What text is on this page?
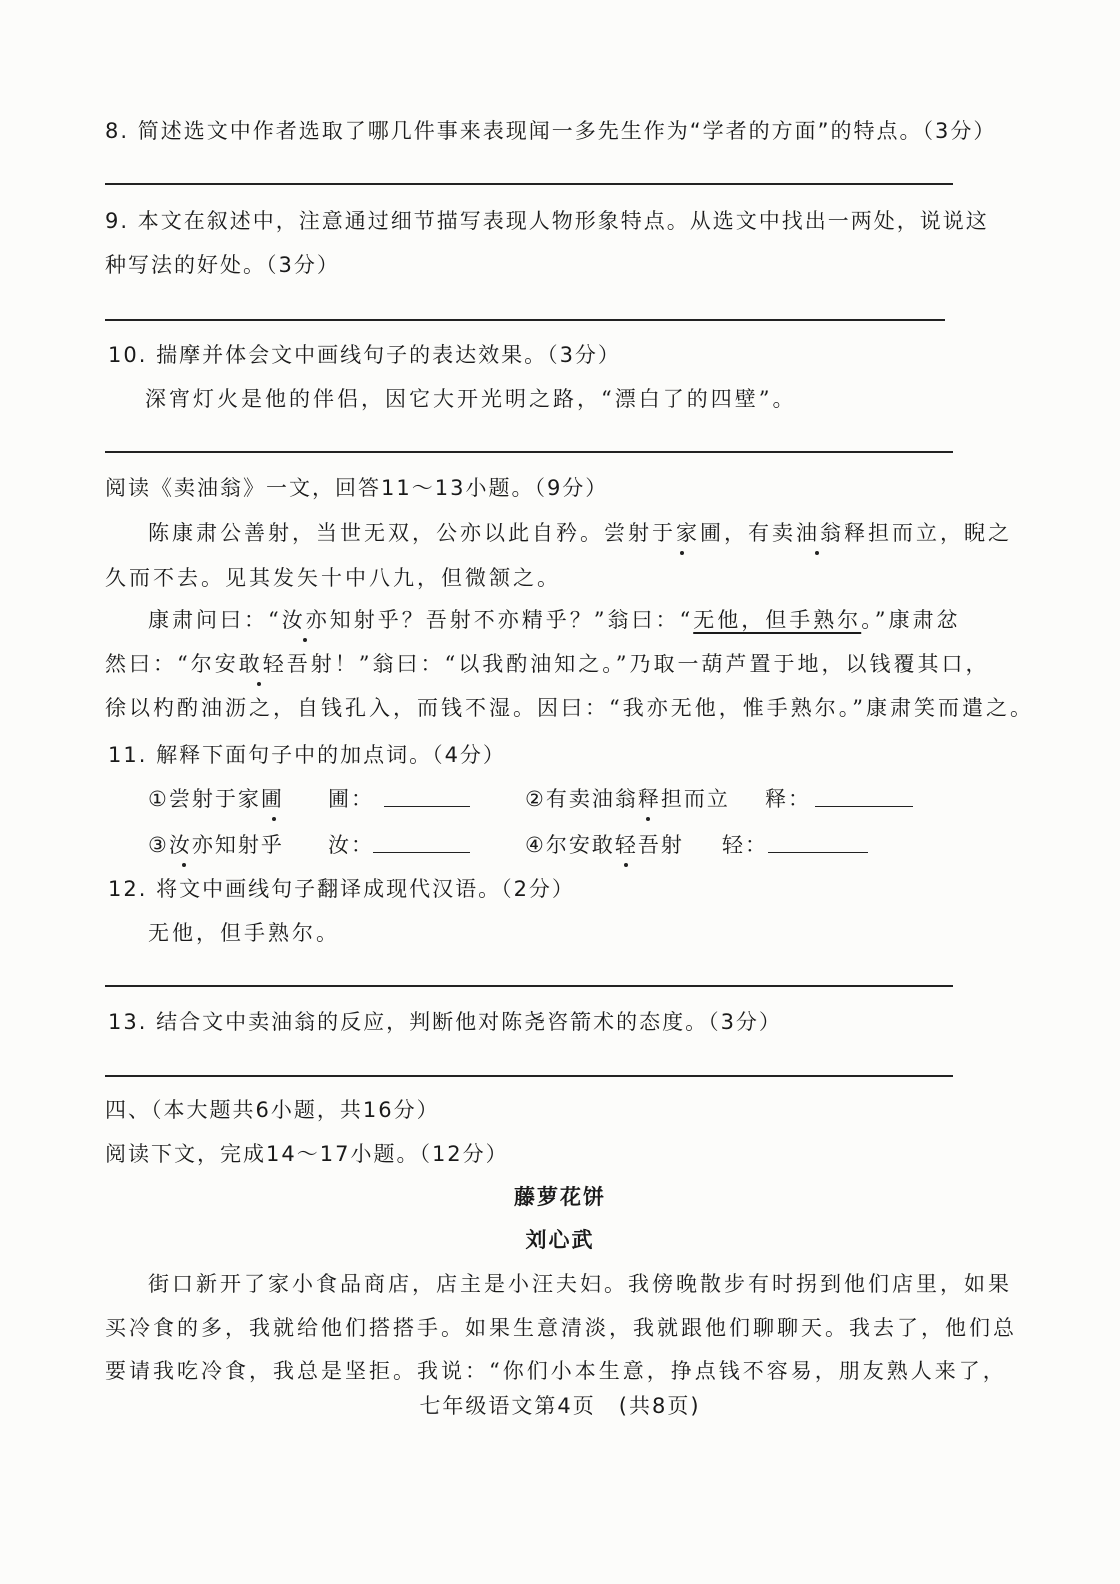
8. 简述选文中作者选取了哪几件事来表现闻一多先生作为“学者的方面”的特点。（3分）
9. 本文在叙述中，注意通过细节描写表现人物形象特点。从选文中找出一两处，说说这
种写法的好处。（3分）
10. 揣摩并体会文中画线句子的表达效果。（3分）
深宵灯火是他的伴侣，因它大开光明之路，“漂白了的四壁”。
阅读《卖油翁》一文，回答11～13小题。（9分）
陈康肃公善射，当世无双，公亦以此自矜。尝射于家圃，有卖油翁释担而立，睨之
久而不去。见其发矢十中八九，但微颔之。
康肃问曰：“汝亦知射乎？吾射不亦精乎？”翁曰：“无他，但手熟尔。”康肃忿
然曰：“尔安敢轻吾射！”翁曰：“以我酌油知之。”乃取一葫芦置于地，以钱覆其口，
徐以杓酌油沥之，自钱孔入，而钱不湿。因曰：“我亦无他，惟手熟尔。”康肃笑而遣之。
11. 解释下面句子中的加点词。（4分）
①尝射于家圃 圃：	②有卖油翁释担而立 释：
③汝亦知射乎 汝：	④尔安敢轻吾射 轻：
12. 将文中画线句子翻译成现代汉语。（2分）
无他，但手熟尔。
13. 结合文中卖油翁的反应，判断他对陈尧咨箭术的态度。（3分）
四、（本大题共6小题，共16分）
阅读下文，完成14～17小题。（12分）
藤萝花饼
刘心武
街口新开了家小食品商店，店主是小汪夫妇。我傍晚散步有时拐到他们店里，如果
买冷食的多，我就给他们搭搭手。如果生意清淡，我就跟他们聊聊天。我去了，他们总
要请我吃冷食，我总是坚拒。我说：“你们小本生意，挣点钱不容易，朋友熟人来了，
七年级语文第4页　(共8页)
